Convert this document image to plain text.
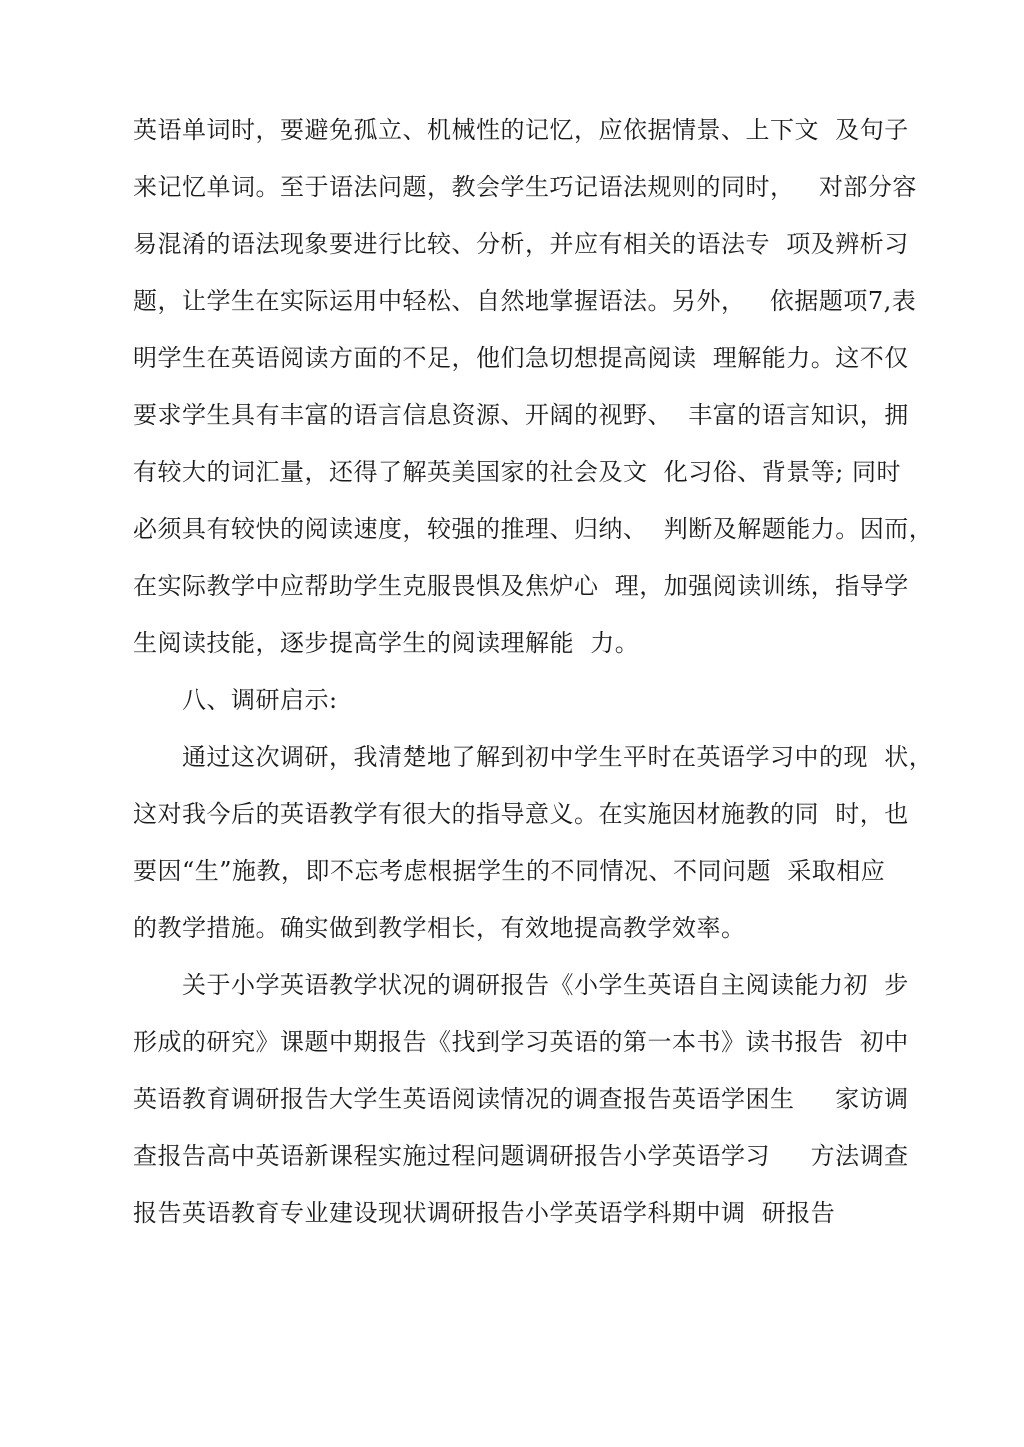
英语单词时，要避免孤立、机械性的记忆，应依据情景、上下文  及句子
来记忆单词。至于语法问题，教会学生巧记语法规则的同时，   对部分容
易混淆的语法现象要进行比较、分析，并应有相关的语法专  项及辨析习
题，让学生在实际运用中轻松、自然地掌握语法。另外，   依据题项7,表
明学生在英语阅读方面的不足，他们急切想提高阅读  理解能力。这不仅
要求学生具有丰富的语言信息资源、开阔的视野、  丰富的语言知识，拥
有较大的词汇量，还得了解英美国家的社会及文  化习俗、背景等; 同时
必须具有较快的阅读速度，较强的推理、归纳、  判断及解题能力。因而，
在实际教学中应帮助学生克服畏惧及焦炉心  理，加强阅读训练，指导学
生阅读技能，逐步提高学生的阅读理解能  力。
八、调研启示:
通过这次调研，我清楚地了解到初中学生平时在英语学习中的现  状，
这对我今后的英语教学有很大的指导意义。在实施因材施教的同  时，也
要因“生”施教，即不忘考虑根据学生的不同情况、不同问题  采取相应
的教学措施。确实做到教学相长，有效地提高教学效率。
关于小学英语教学状况的调研报告《小学生英语自主阅读能力初  步
形成的研究》课题中期报告《找到学习英语的第一本书》读书报告  初中
英语教育调研报告大学生英语阅读情况的调查报告英语学困生     家访调
查报告高中英语新课程实施过程问题调研报告小学英语学习     方法调查
报告英语教育专业建设现状调研报告小学英语学科期中调  研报告
